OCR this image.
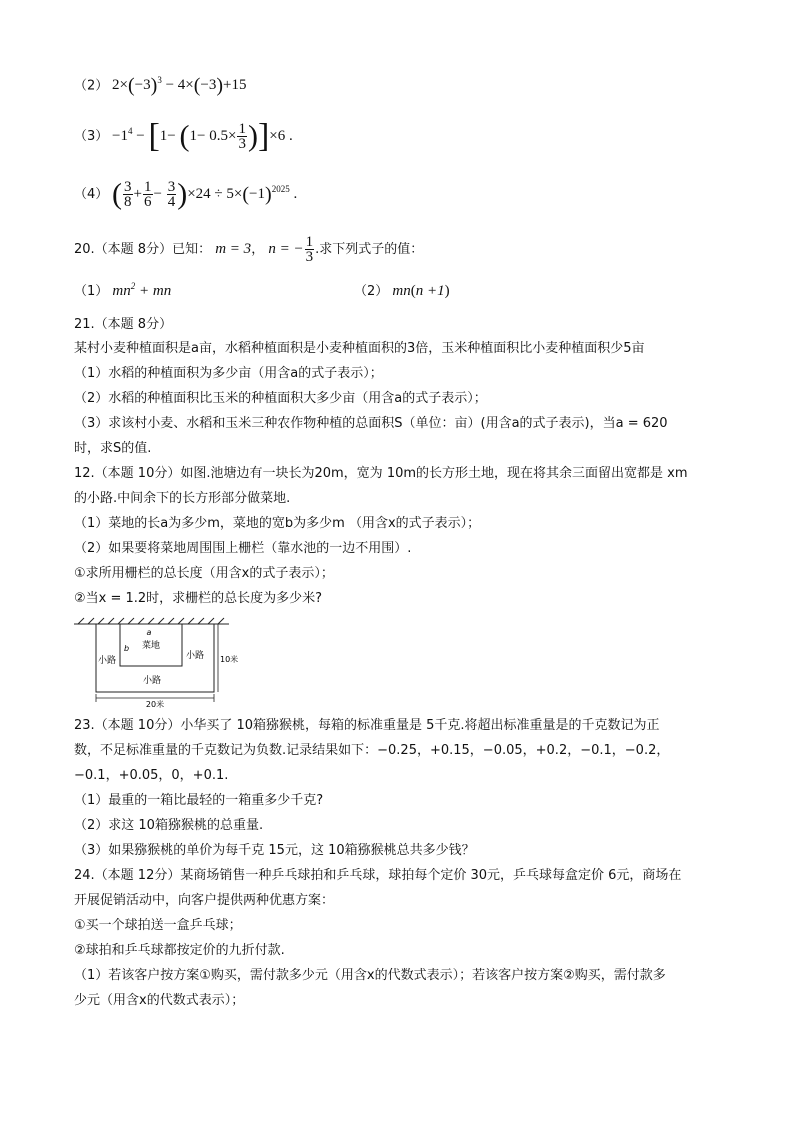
（2） $2\times(-3)^3 - 4\times(-3)+15$
$(3) -1^4 - [1- (1- 0.5\times \frac{1}{3} )]\times 6$ .
（4） ( $\frac{3}{8} + \frac{1}{6} - \frac{3}{4} )\times 24 \div 5\times(-1)^{2025}$ .
20.（本题 8分）已知： m = 3， n = − $\frac{1}{3}$ .求下列式子的值：
（1） $mn^2$ + mn	（2） mn(n +1)
21.（本题 8分）
某村小麦种植面积是a亩，水稻种植面积是小麦种植面积的3倍，玉米种植面积比小麦种植面积少5亩
（1）水稻的种植面积为多少亩（用含a的式子表示）；
（2）水稻的种植面积比玉米的种植面积大多少亩（用含a的式子表示）；
（3）求该村小麦、水稻和玉米三种农作物种植的总面积S（单位：亩）(用含a的式子表示)，当a = 620
时，求S的值.
12.（本题 10分）如图.池塘边有一块长为20m，宽为 10m的长方形土地，现在将其余三面留出宽都是 xm
的小路.中间余下的长方形部分做菜地.
（1）菜地的长a为多少m，菜地的宽b为多少m （用含x的式子表示）；
（2）如果要将菜地周围围上栅栏（靠水池的一边不用围）.
①求所用栅栏的总长度（用含x的式子表示）；
②当x = 1.2时，求栅栏的总长度为多少米?
a
菜地
b
小路	小路
小路
10米
20米
23.（本题 10分）小华买了 10箱猕猴桃，每箱的标准重量是 5千克.将超出标准重量是的千克数记为正
数，不足标准重量的千克数记为负数.记录结果如下：−0.25，+0.15，−0.05，+0.2，−0.1，−0.2，
−0.1，+0.05，0，+0.1.
（1）最重的一箱比最轻的一箱重多少千克?
（2）求这 10箱猕猴桃的总重量.
（3）如果猕猴桃的单价为每千克 15元，这 10箱猕猴桃总共多少钱？
24.（本题 12分）某商场销售一种乒乓球拍和乒乓球，球拍每个定价 30元，乒乓球每盒定价 6元，商场在
开展促销活动中，向客户提供两种优惠方案：
①买一个球拍送一盒乒乓球；
②球拍和乒乓球都按定价的九折付款.
（1）若该客户按方案①购买，需付款多少元（用含x的代数式表示）；若该客户按方案②购买，需付款多
少元（用含x的代数式表示）；
